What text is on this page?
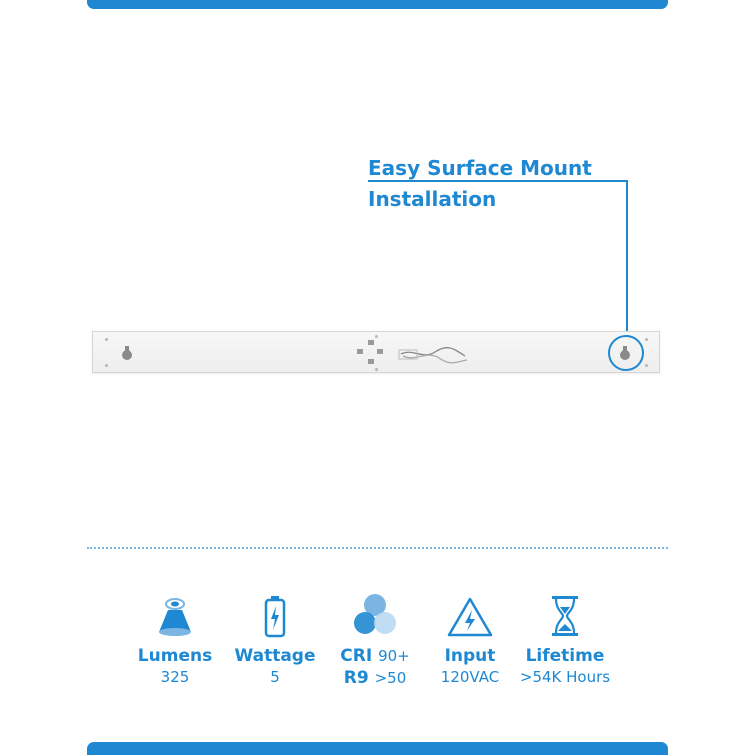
Easy Surface Mount
Installation
Lumens
325
Wattage
5
CRI 90+
R9 >50
Input
120VAC
Lifetime
>54K Hours
